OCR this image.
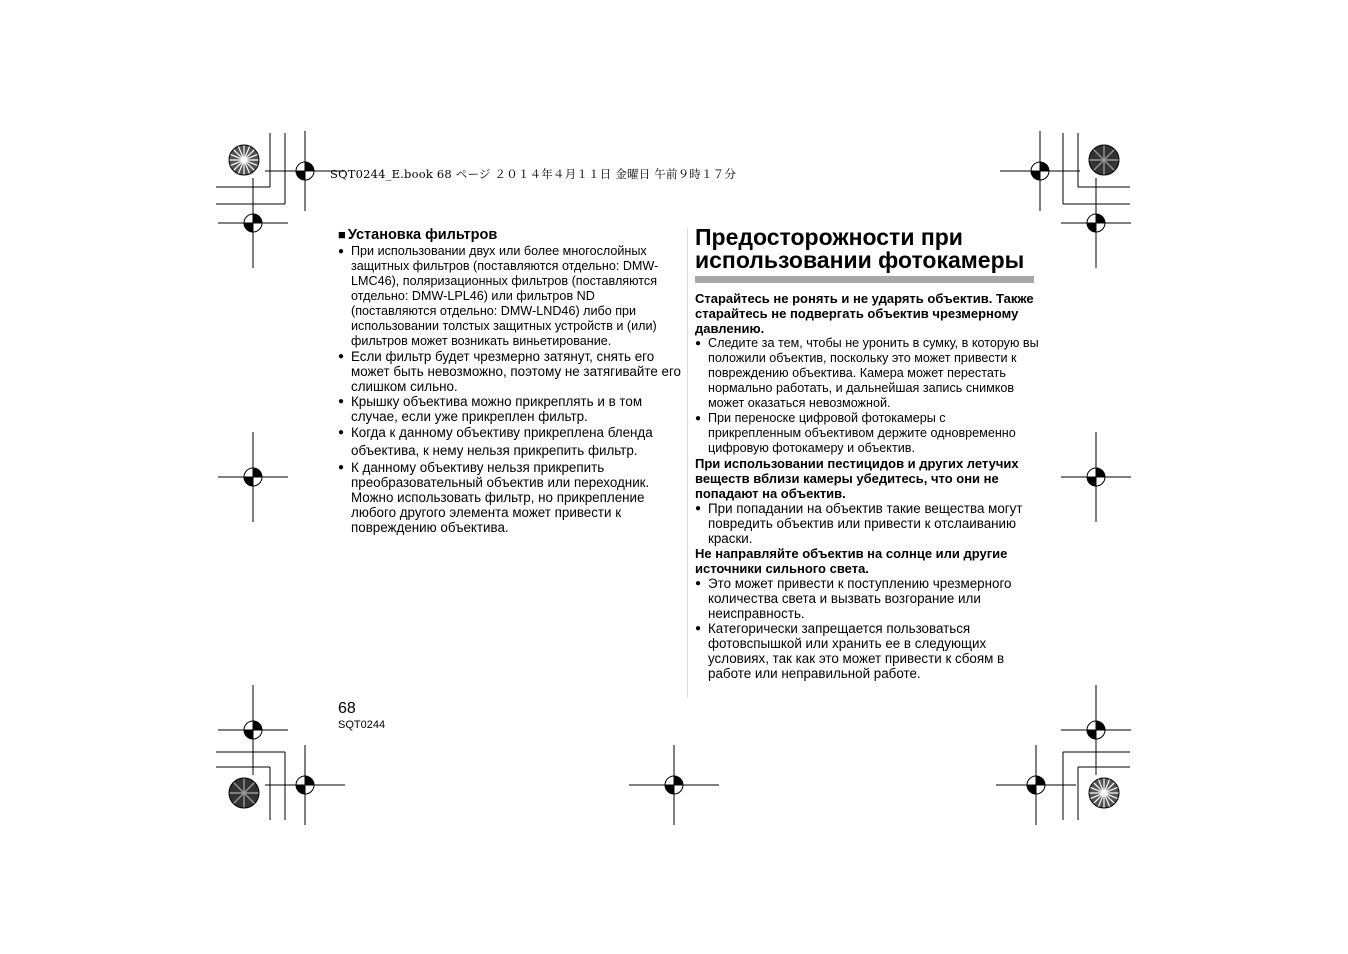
SQT0244_E.book 68 ページ ２０１４年４月１１日 金曜日 午前９時１７分
■ Установка фильтров
● При использовании двух или более многослойных защитных фильтров (поставляются отдельно: DMW-LMC46), поляризационных фильтров (поставляются отдельно: DMW-LPL46) или фильтров ND (поставляются отдельно: DMW-LND46) либо при использовании толстых защитных устройств и (или) фильтров может возникать виньетирование.
● Если фильтр будет чрезмерно затянут, снять его может быть невозможно, поэтому не затягивайте его слишком сильно.
● Крышку объектива можно прикреплять и в том случае, если уже прикреплен фильтр.
● Когда к данному объективу прикреплена бленда объектива, к нему нельзя прикрепить фильтр.
● К данному объективу нельзя прикрепить преобразовательный объектив или переходник. Можно использовать фильтр, но прикрепление любого другого элемента может привести к повреждению объектива.
Предосторожности при
использовании фотокамеры
Старайтесь не ронять и не ударять объектив. Также старайтесь не подвергать объектив чрезмерному давлению.
● Следите за тем, чтобы не уронить в сумку, в которую вы положили объектив, поскольку это может привести к повреждению объектива. Камера может перестать нормально работать, и дальнейшая запись снимков может оказаться невозможной.
● При переноске цифровой фотокамеры с прикрепленным объективом держите одновременно цифровую фотокамеру и объектив.
При использовании пестицидов и других летучих веществ вблизи камеры убедитесь, что они не попадают на объектив.
● При попадании на объектив такие вещества могут повредить объектив или привести к отслаиванию краски.
Не направляйте объектив на солнце или другие источники сильного света.
● Это может привести к поступлению чрезмерного количества света и вызвать возгорание или неисправность.
● Категорически запрещается пользоваться фотовспышкой или хранить ее в следующих условиях, так как это может привести к сбоям в работе или неправильной работе.
68
SQT0244
